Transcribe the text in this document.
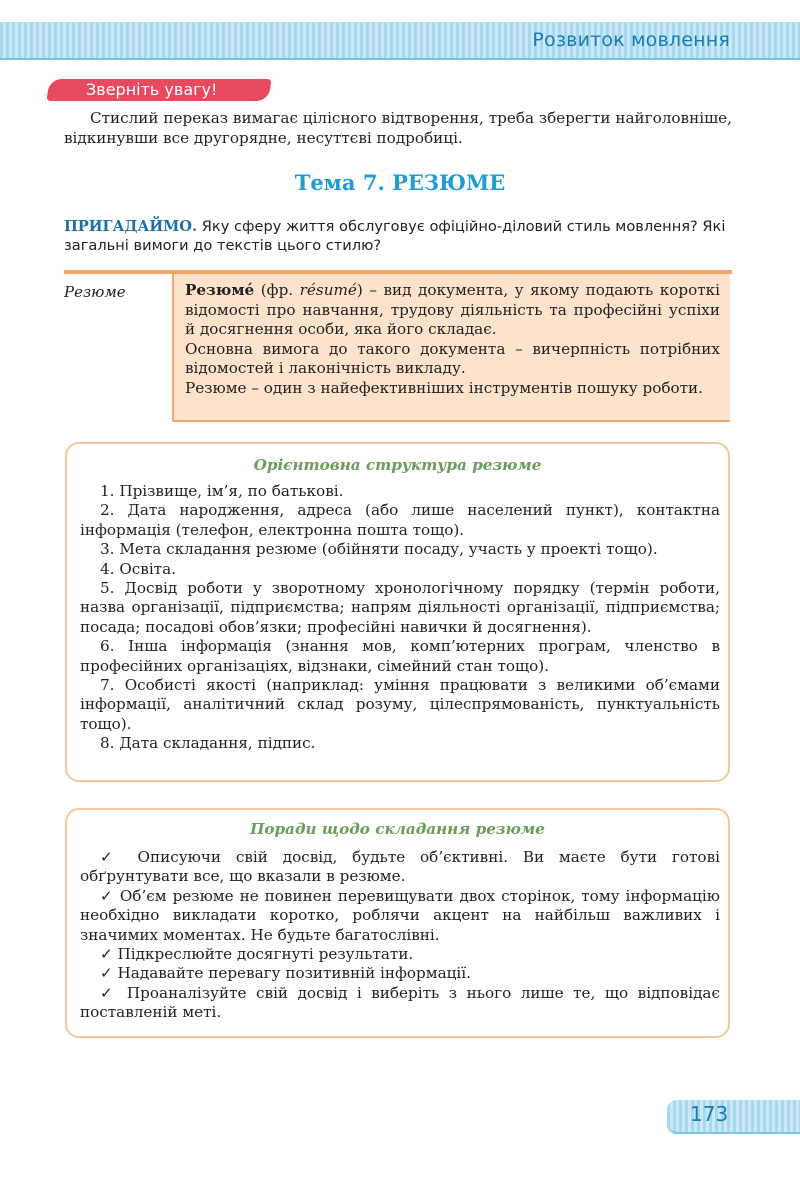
Розвиток мовлення
Зверніть увагу!
Стислий переказ вимагає цілісного відтворення, треба зберегти найголовніше, відкинувши все другорядне, несуттєві подробиці.
Тема 7. РЕЗЮМЕ
ПРИГАДАЙМО. Яку сферу життя обслуговує офіційно-діловий стиль мовлення? Які загальні вимоги до текстів цього стилю?
Резюме	Резюме́ (фр. résumé) – вид документа, у якому подають короткі відомості про навчання, трудову діяльність та професійні успіхи й досягнення особи, яка його складає.

Основна вимога до такого документа – вичерпність потрібних відомостей і лаконічність викладу.

Резюме – один з найефективніших інструментів пошуку роботи.

Орієнтовна структура резюме

1. Прізвище, ім’я, по батькові.

2. Дата народження, адреса (або лише населений пункт), контактна інформація (телефон, електронна пошта тощо).

3. Мета складання резюме (обійняти посаду, участь у проекті тощо).

4. Освіта.

5. Досвід роботи у зворотному хронологічному порядку (термін роботи, назва організації, підприємства; напрям діяльності організації, підприємства; посада; посадові обов’язки; професійні навички й досягнення).

6. Інша інформація (знання мов, комп’ютерних програм, членство в професійних організаціях, відзнаки, сімейний стан тощо).

7. Особисті якості (наприклад: уміння працювати з великими об’ємами інформації, аналітичний склад розуму, цілеспрямованість, пунктуальність тощо).

8. Дата складання, підпис.

Поради щодо складання резюме

✓ Описуючи свій досвід, будьте об’єктивні. Ви маєте бути готові обґрунтувати все, що вказали в резюме.

✓ Об’єм резюме не повинен перевищувати двох сторінок, тому інформацію необхідно викладати коротко, роблячи акцент на найбільш важливих і значимих моментах. Не будьте багатослівні.

✓ Підкреслюйте досягнуті результати.

✓ Надавайте перевагу позитивній інформації.

✓ Проаналізуйте свій досвід і виберіть з нього лише те, що відповідає поставленій меті.

173
